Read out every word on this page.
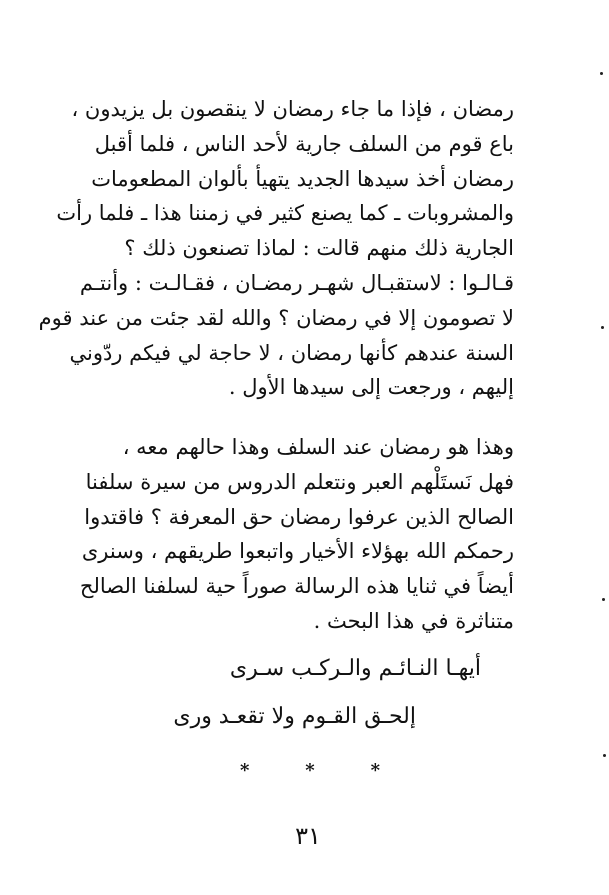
رمضان ، فإذا ما جاء رمضان لا ينقصون بل يزيدون ،
باع قوم من السلف جارية لأحد الناس ، فلما أقبل
رمضان أخذ سيدها الجديد يتهيأ بألوان المطعومات
والمشروبات ـ كما يصنع كثير في زمننا هذا ـ فلما رأت
الجارية ذلك منهم قالت : لماذا تصنعون ذلك ؟
قـالـوا : لاستقبـال شهـر رمضـان ، فقـالـت : وأنتـم
لا تصومون إلا في رمضان ؟ والله لقد جئت من عند قوم
السنة عندهم كأنها رمضان ، لا حاجة لي فيكم ردّوني
إليهم ، ورجعت إلى سيدها الأول .
وهذا هو رمضان عند السلف وهذا حالهم معه ،
فهل نَستَلْهم العبر ونتعلم الدروس من سيرة سلفنا
الصالح الذين عرفوا رمضان حق المعرفة ؟ فاقتدوا
رحمكم الله بهؤلاء الأخيار واتبعوا طريقهم ، وسنرى
أيضاً في ثنايا هذه الرسالة صوراً حية لسلفنا الصالح
متناثرة في هذا البحث .
أيهـا النـائـم والـركـب سـرى
إلحـق القـوم ولا تقعـد ورى
*	*	*
٣١
